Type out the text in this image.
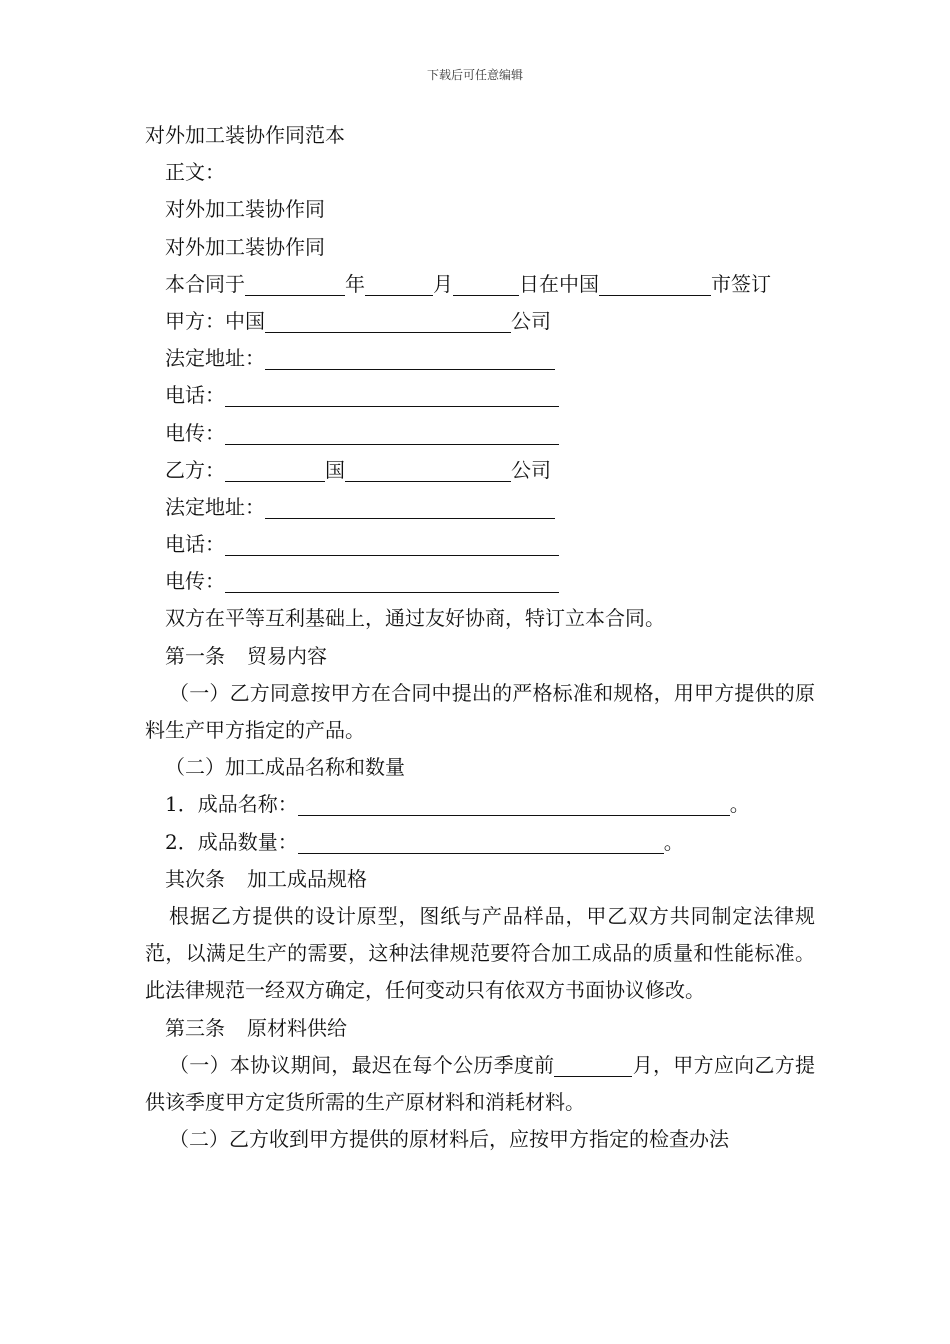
下载后可任意编辑
对外加工装协作同范本
正文：
对外加工装协作同
对外加工装协作同
本合同于	年	月	日在中国	市签订
甲方：中国	公司
法定地址：
电话：
电传：
乙方：	国	公司
法定地址：
电话：
电传：
双方在平等互利基础上，通过友好协商，特订立本合同。
第一条 贸易内容
（一）乙方同意按甲方在合同中提出的严格标准和规格，用甲方提供的原料生产甲方指定的产品。
（二）加工成品名称和数量
1．成品名称：	。
2．成品数量：	。
其次条 加工成品规格
根据乙方提供的设计原型，图纸与产品样品，甲乙双方共同制定法律规范，以满足生产的需要，这种法律规范要符合加工成品的质量和性能标准。此法律规范一经双方确定，任何变动只有依双方书面协议修改。
第三条 原材料供给
（一）本协议期间，最迟在每个公历季度前	月，甲方应向乙方提供该季度甲方定货所需的生产原材料和消耗材料。
（二）乙方收到甲方提供的原材料后，应按甲方指定的检查办法
